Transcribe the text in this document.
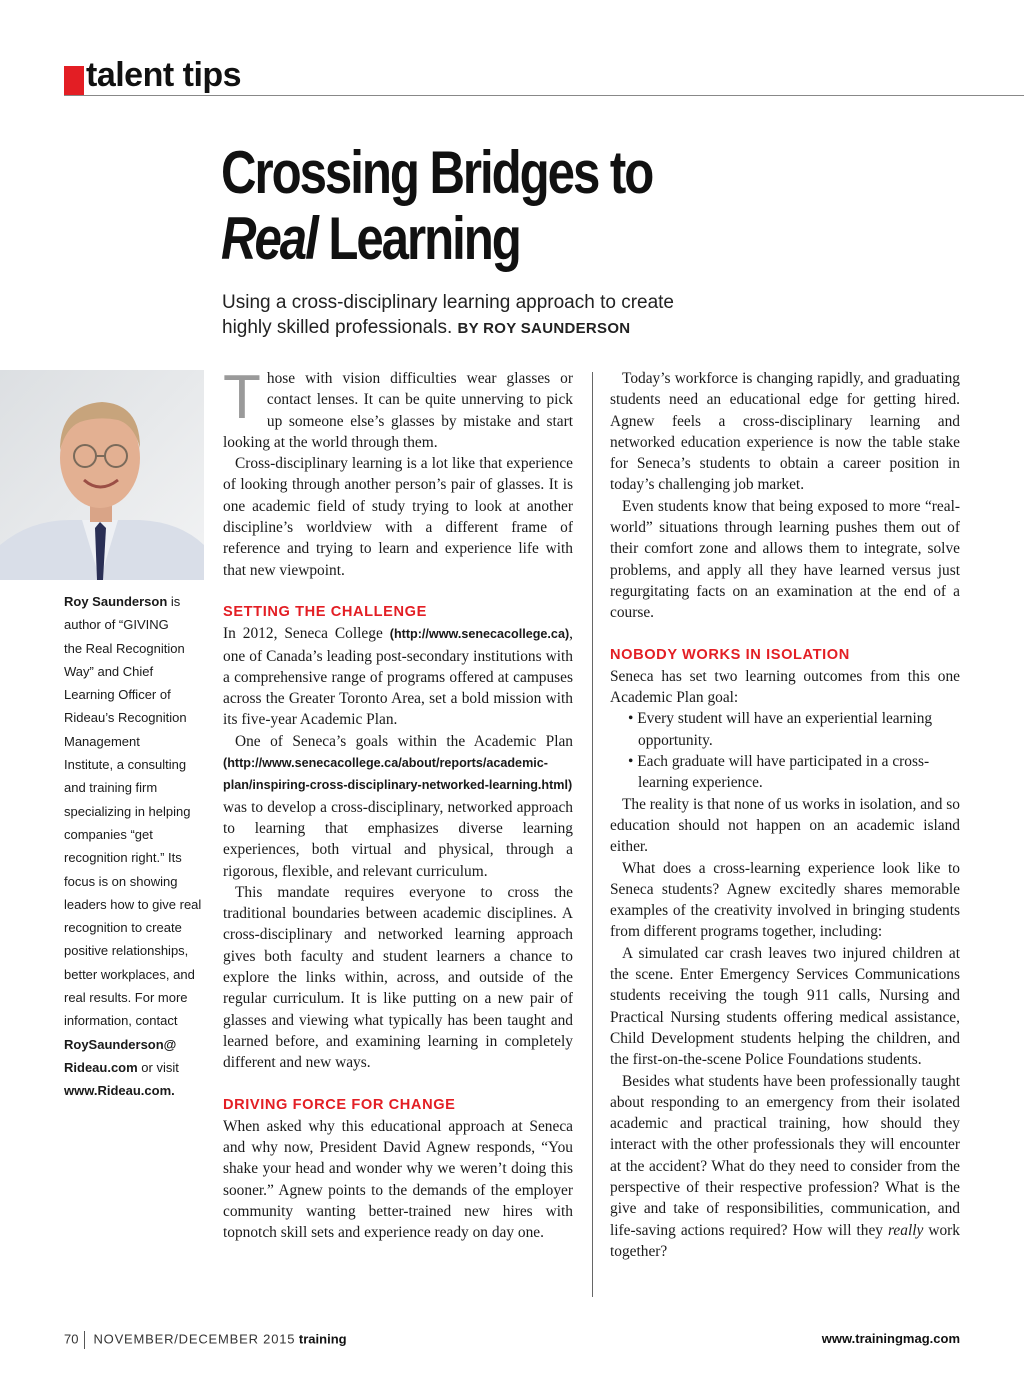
talent tips
Crossing Bridges to
Real Learning
Using a cross-disciplinary learning approach to create
highly skilled professionals. BY ROY SAUNDERSON
Roy Saunderson is
author of “GIVING
the Real Recognition
Way” and Chief
Learning Officer of
Rideau’s Recognition
Management
Institute, a consulting
and training firm
specializing in helping
companies “get
recognition right.” Its
focus is on showing
leaders how to give real
recognition to create
positive relationships,
better workplaces, and
real results. For more
information, contact
RoySaunderson@
Rideau.com or visit
www.Rideau.com.

Those with vision difficulties wear glasses or contact lenses. It can be quite unnerving to pick up someone else’s glasses by mistake and start looking at the world through them.

Cross-disciplinary learning is a lot like that experience of looking through another person’s pair of glasses. It is one academic field of study trying to look at another discipline’s worldview with a different frame of reference and trying to learn and experience life with that new viewpoint.

SETTING THE CHALLENGE

In 2012, Seneca College (http://www.senecacollege.ca), one of Canada’s leading post-secondary institutions with a comprehensive range of programs offered at campuses across the Greater Toronto Area, set a bold mission with its five-year Academic Plan.

One of Seneca’s goals within the Academic Plan (http://www.senecacollege.ca/about/reports/academic-plan/inspiring-cross-disciplinary-networked-learning.html) was to develop a cross-disciplinary, networked approach to learning that emphasizes diverse learning experiences, both virtual and physical, through a rigorous, flexible, and relevant curriculum.

This mandate requires everyone to cross the traditional boundaries between academic disciplines. A cross-disciplinary and networked learning approach gives both faculty and student learners a chance to explore the links within, across, and outside of the regular curriculum. It is like putting on a new pair of glasses and viewing what typically has been taught and learned before, and examining learning in completely different and new ways.

DRIVING FORCE FOR CHANGE

When asked why this educational approach at Seneca and why now, President David Agnew responds, “You shake your head and wonder why we weren’t doing this sooner.” Agnew points to the demands of the employer community wanting better-trained new hires with topnotch skill sets and experience ready on day one.

Today’s workforce is changing rapidly, and graduating students need an educational edge for getting hired. Agnew feels a cross-disciplinary learning and networked education experience is now the table stake for Seneca’s students to obtain a career position in today’s challenging job market.

Even students know that being exposed to more “real-world” situations through learning pushes them out of their comfort zone and allows them to integrate, solve problems, and apply all they have learned versus just regurgitating facts on an examination at the end of a course.

NOBODY WORKS IN ISOLATION

Seneca has set two learning outcomes from this one Academic Plan goal:

• Every student will have an experiential learning opportunity.
• Each graduate will have participated in a cross-learning experience.

The reality is that none of us works in isolation, and so education should not happen on an academic island either.

What does a cross-learning experience look like to Seneca students? Agnew excitedly shares memorable examples of the creativity involved in bringing students from different programs together, including:

A simulated car crash leaves two injured children at the scene. Enter Emergency Services Communications students receiving the tough 911 calls, Nursing and Practical Nursing students offering medical assistance, Child Development students helping the children, and the first-on-the-scene Police Foundations students.

Besides what students have been professionally taught about responding to an emergency from their isolated academic and practical training, how should they interact with the other professionals they will encounter at the accident? What do they need to consider from the perspective of their respective profession? What is the give and take of responsibilities, communication, and life-saving actions required? How will they really work together?

70 NOVEMBER/DECEMBER 2015 training	www.trainingmag.com
